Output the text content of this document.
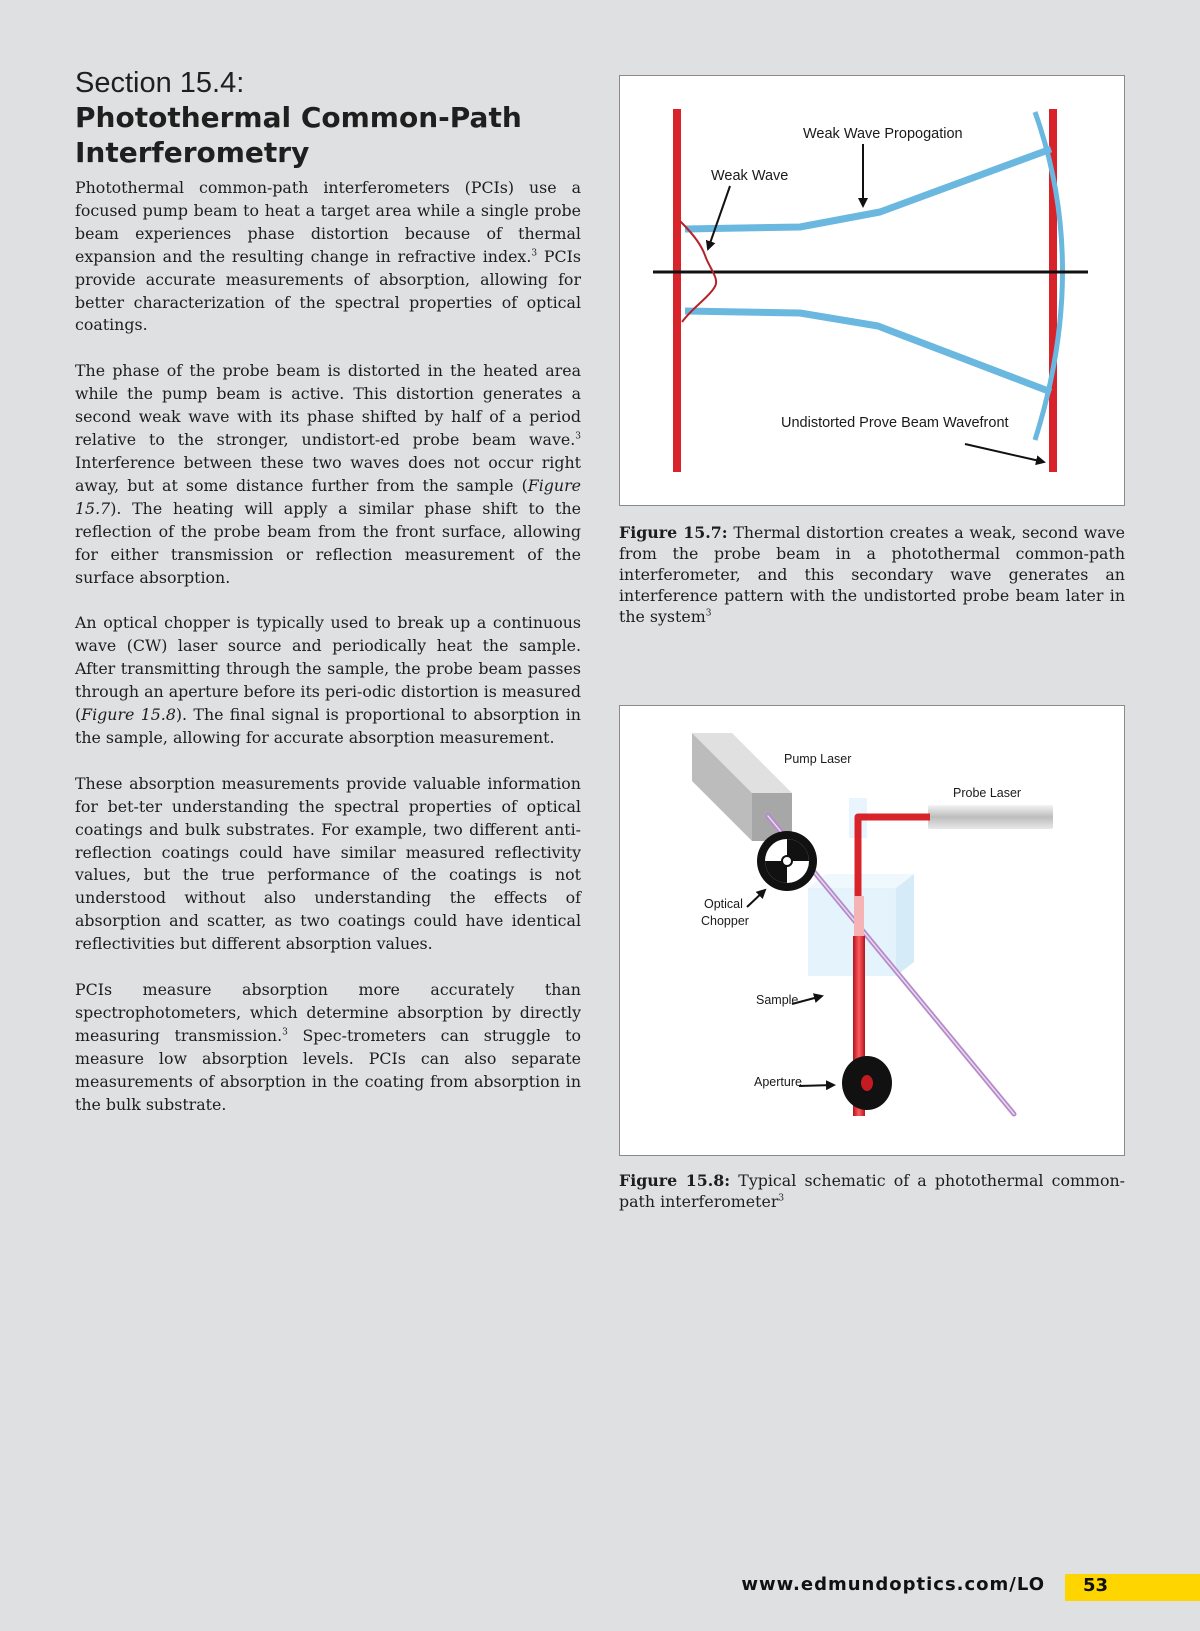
Section 15.4:
Photothermal Common-Path Interferometry

Photothermal common-path interferometers (PCIs) use a focused pump beam to heat a target area while a single probe beam experiences phase distortion because of thermal expansion and the resulting change in refractive index.$^3$ PCIs provide accurate measurements of absorption, allowing for better characterization of the spectral properties of optical coatings.

The phase of the probe beam is distorted in the heated area while the pump beam is active. This distortion generates a second weak wave with its phase shifted by half of a period relative to the stronger, undistort-ed probe beam wave.$^3$ Interference between these two waves does not occur right away, but at some distance further from the sample (Figure 15.7). The heating will apply a similar phase shift to the reflection of the probe beam from the front surface, allowing for either transmission or reflection measurement of the surface absorption.

An optical chopper is typically used to break up a continuous wave (CW) laser source and periodically heat the sample. After transmitting through the sample, the probe beam passes through an aperture before its peri-odic distortion is measured (Figure 15.8). The final signal is proportional to absorption in the sample, allowing for accurate absorption measurement.

These absorption measurements provide valuable information for bet-ter understanding the spectral properties of optical coatings and bulk substrates. For example, two different anti-reflection coatings could have similar measured reflectivity values, but the true performance of the coatings is not understood without also understanding the effects of absorption and scatter, as two coatings could have identical reflectivities but different absorption values.

PCIs measure absorption more accurately than spectrophotometers, which determine absorption by directly measuring transmission.$^3$ Spec-trometers can struggle to measure low absorption levels. PCIs can also separate measurements of absorption in the coating from absorption in the bulk substrate.

Weak Wave Propogation
Weak Wave
Undistorted Prove Beam Wavefront

Figure 15.7: Thermal distortion creates a weak, second wave from the probe beam in a photothermal common-path interferometer, and this secondary wave generates an interference pattern with the undistorted probe beam later in the system$^3$

Pump Laser
Probe Laser
Optical
Chopper
Sample
Aperture

Figure 15.8: Typical schematic of a photothermal common-path interferometer$^3$

www.edmundoptics.com/LO 53
